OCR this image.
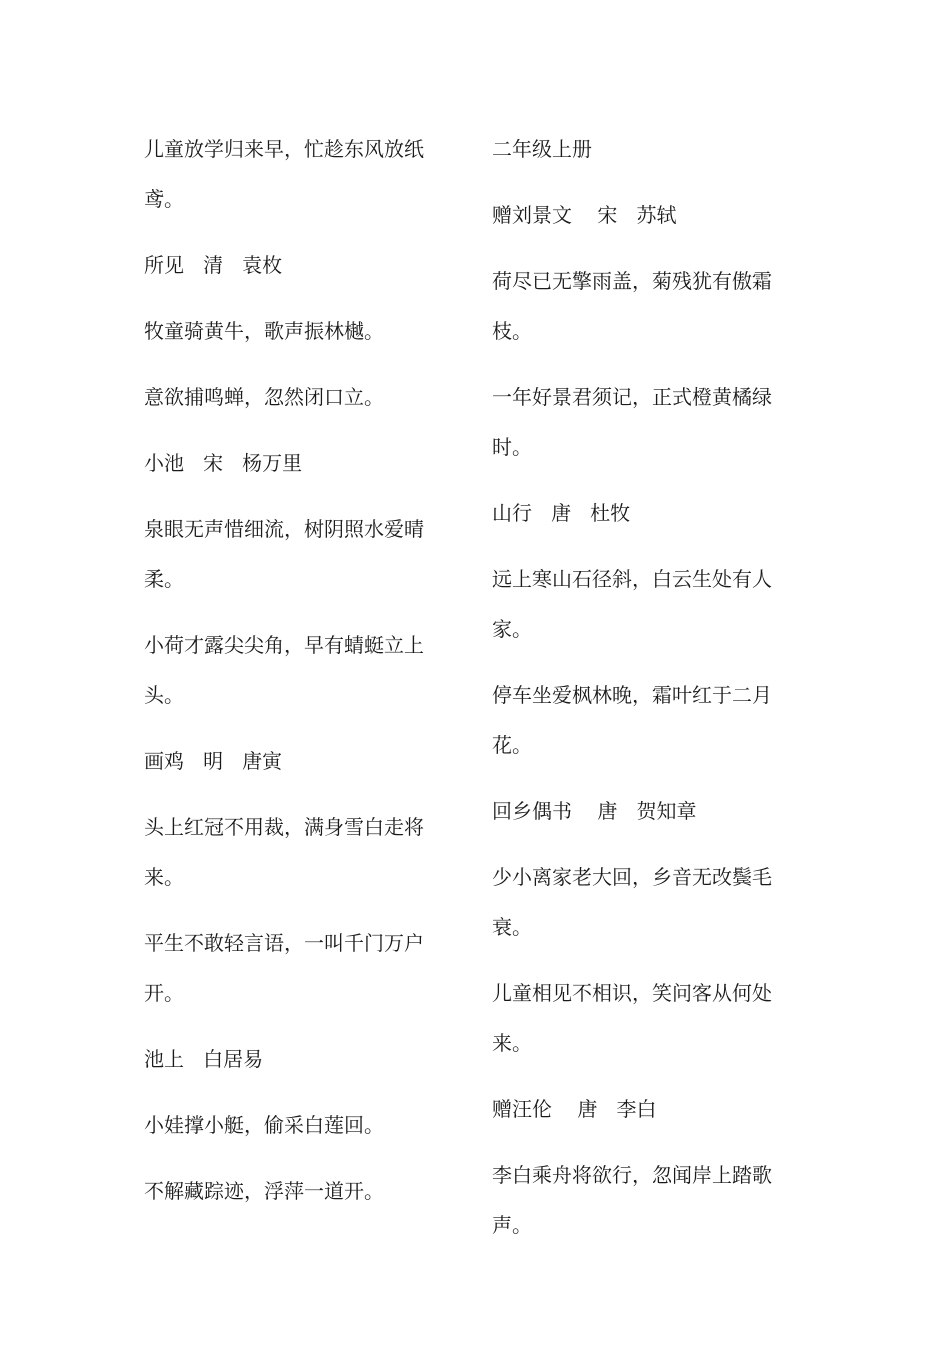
儿童放学归来早，忙趁东风放纸鸢。

所见   清   袁枚

牧童骑黄牛，歌声振林樾。

意欲捕鸣蝉，忽然闭口立。

小池   宋   杨万里

泉眼无声惜细流，树阴照水爱晴柔。

小荷才露尖尖角，早有蜻蜓立上头。

画鸡   明   唐寅

头上红冠不用裁，满身雪白走将来。

平生不敢轻言语，一叫千门万户开。

池上   白居易

小娃撑小艇，偷采白莲回。

不解藏踪迹，浮萍一道开。

二年级上册

赠刘景文    宋   苏轼

荷尽已无擎雨盖，菊残犹有傲霜枝。

一年好景君须记，正式橙黄橘绿时。

山行   唐   杜牧

远上寒山石径斜，白云生处有人家。

停车坐爱枫林晚，霜叶红于二月花。

回乡偶书    唐   贺知章

少小离家老大回，乡音无改鬓毛衰。

儿童相见不相识，笑问客从何处来。

赠汪伦    唐   李白

李白乘舟将欲行，忽闻岸上踏歌声。
